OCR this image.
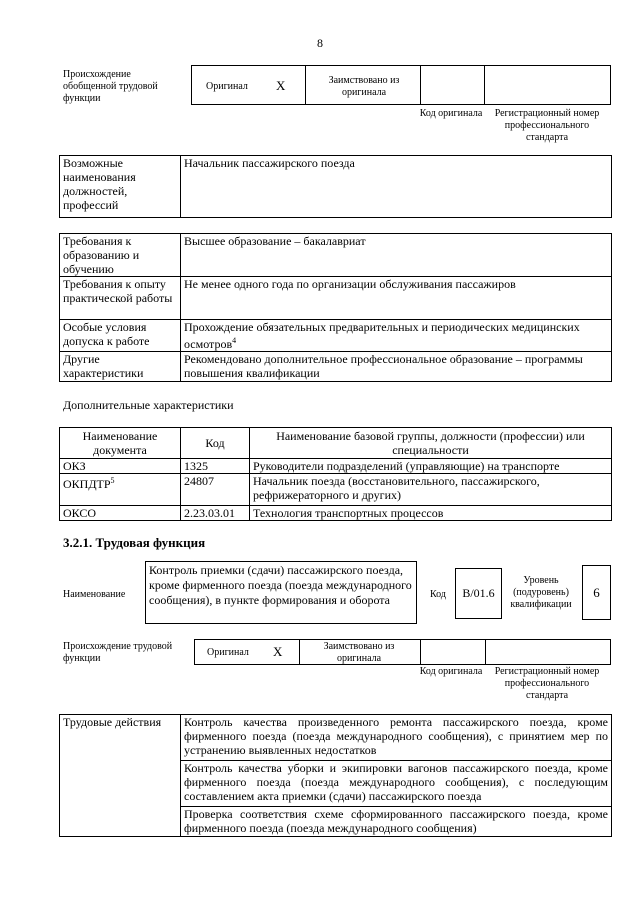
8
Происхождение обобщенной трудовой функции
Оригинал X	Заимствовано из оригинала
Код оригинала	Регистрационный номер профессионального стандарта
Возможные наименования должностей, профессий	Начальник пассажирского поезда
Требования к образованию и обучению	Высшее образование – бакалавриат
Требования к опыту практической работы	Не менее одного года по организации обслуживания пассажиров
Особые условия допуска к работе	Прохождение обязательных предварительных и периодических медицинских осмотров$^4$
Другие характеристики	Рекомендовано дополнительное профессиональное образование – программы повышения квалификации
Дополнительные характеристики
Наименование документа	Код	Наименование базовой группы, должности (профессии) или специальности
ОКЗ	1325	Руководители подразделений (управляющие) на транспорте
ОКПДТР$^5$	24807	Начальник поезда (восстановительного, пассажирского, рефрижераторного и других)
ОКСО	2.23.03.01	Технология транспортных процессов
3.2.1. Трудовая функция
Наименование
Контроль приемки (сдачи) пассажирского поезда, кроме фирменного поезда (поезда международного сообщения), в пункте формирования и оборота	Код	B/01.6
Уровень (подуровень) квалификации
6
Происхождение трудовой функции
Оригинал X	Заимствовано из оригинала
Код оригинала	Регистрационный номер профессионального стандарта
Трудовые действия	Контроль качества произведенного ремонта пассажирского поезда, кроме фирменного поезда (поезда международного сообщения), с принятием мер по устранению выявленных недостатков
Контроль качества уборки и экипировки вагонов пассажирского поезда, кроме фирменного поезда (поезда международного сообщения), с последующим составлением акта приемки (сдачи) пассажирского поезда
Проверка соответствия схеме сформированного пассажирского поезда, кроме фирменного поезда (поезда международного сообщения)
